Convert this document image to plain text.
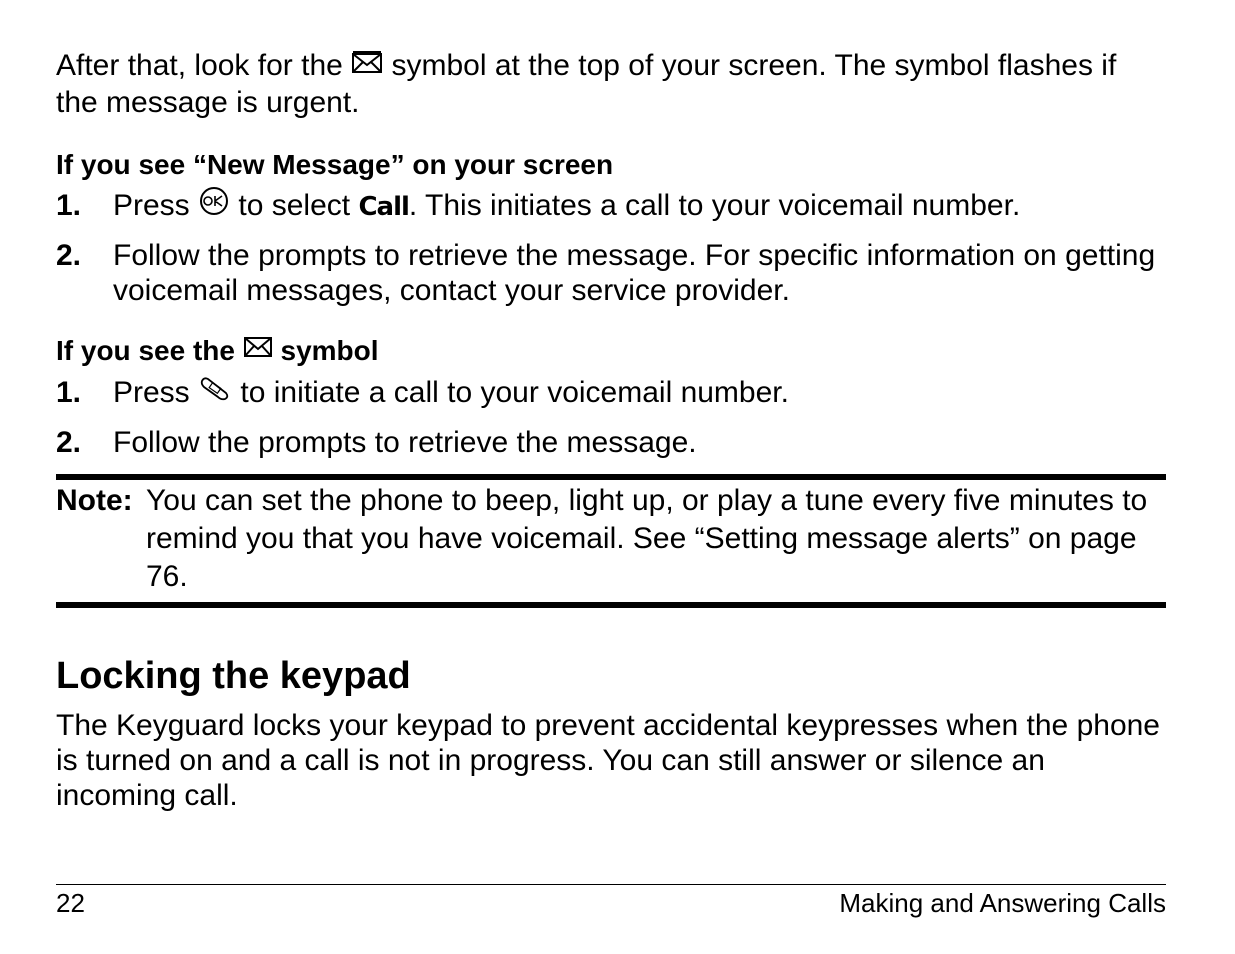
After that, look for the  symbol at the top of your screen. The symbol flashes if the message is urgent.

If you see “New Message” on your screen
1.	Press  to select Call. This initiates a call to your voicemail number.
2.	Follow the prompts to retrieve the message. For specific information on getting voicemail messages, contact your service provider.
If you see the  symbol
1.	Press  to initiate a call to your voicemail number.
2.	Follow the prompts to retrieve the message.
Note: You can set the phone to beep, light up, or play a tune every five minutes to remind you that you have voicemail. See “Setting message alerts” on page 76.
Locking the keypad

The Keyguard locks your keypad to prevent accidental keypresses when the phone is turned on and a call is not in progress. You can still answer or silence an incoming call.

22	Making and Answering Calls
